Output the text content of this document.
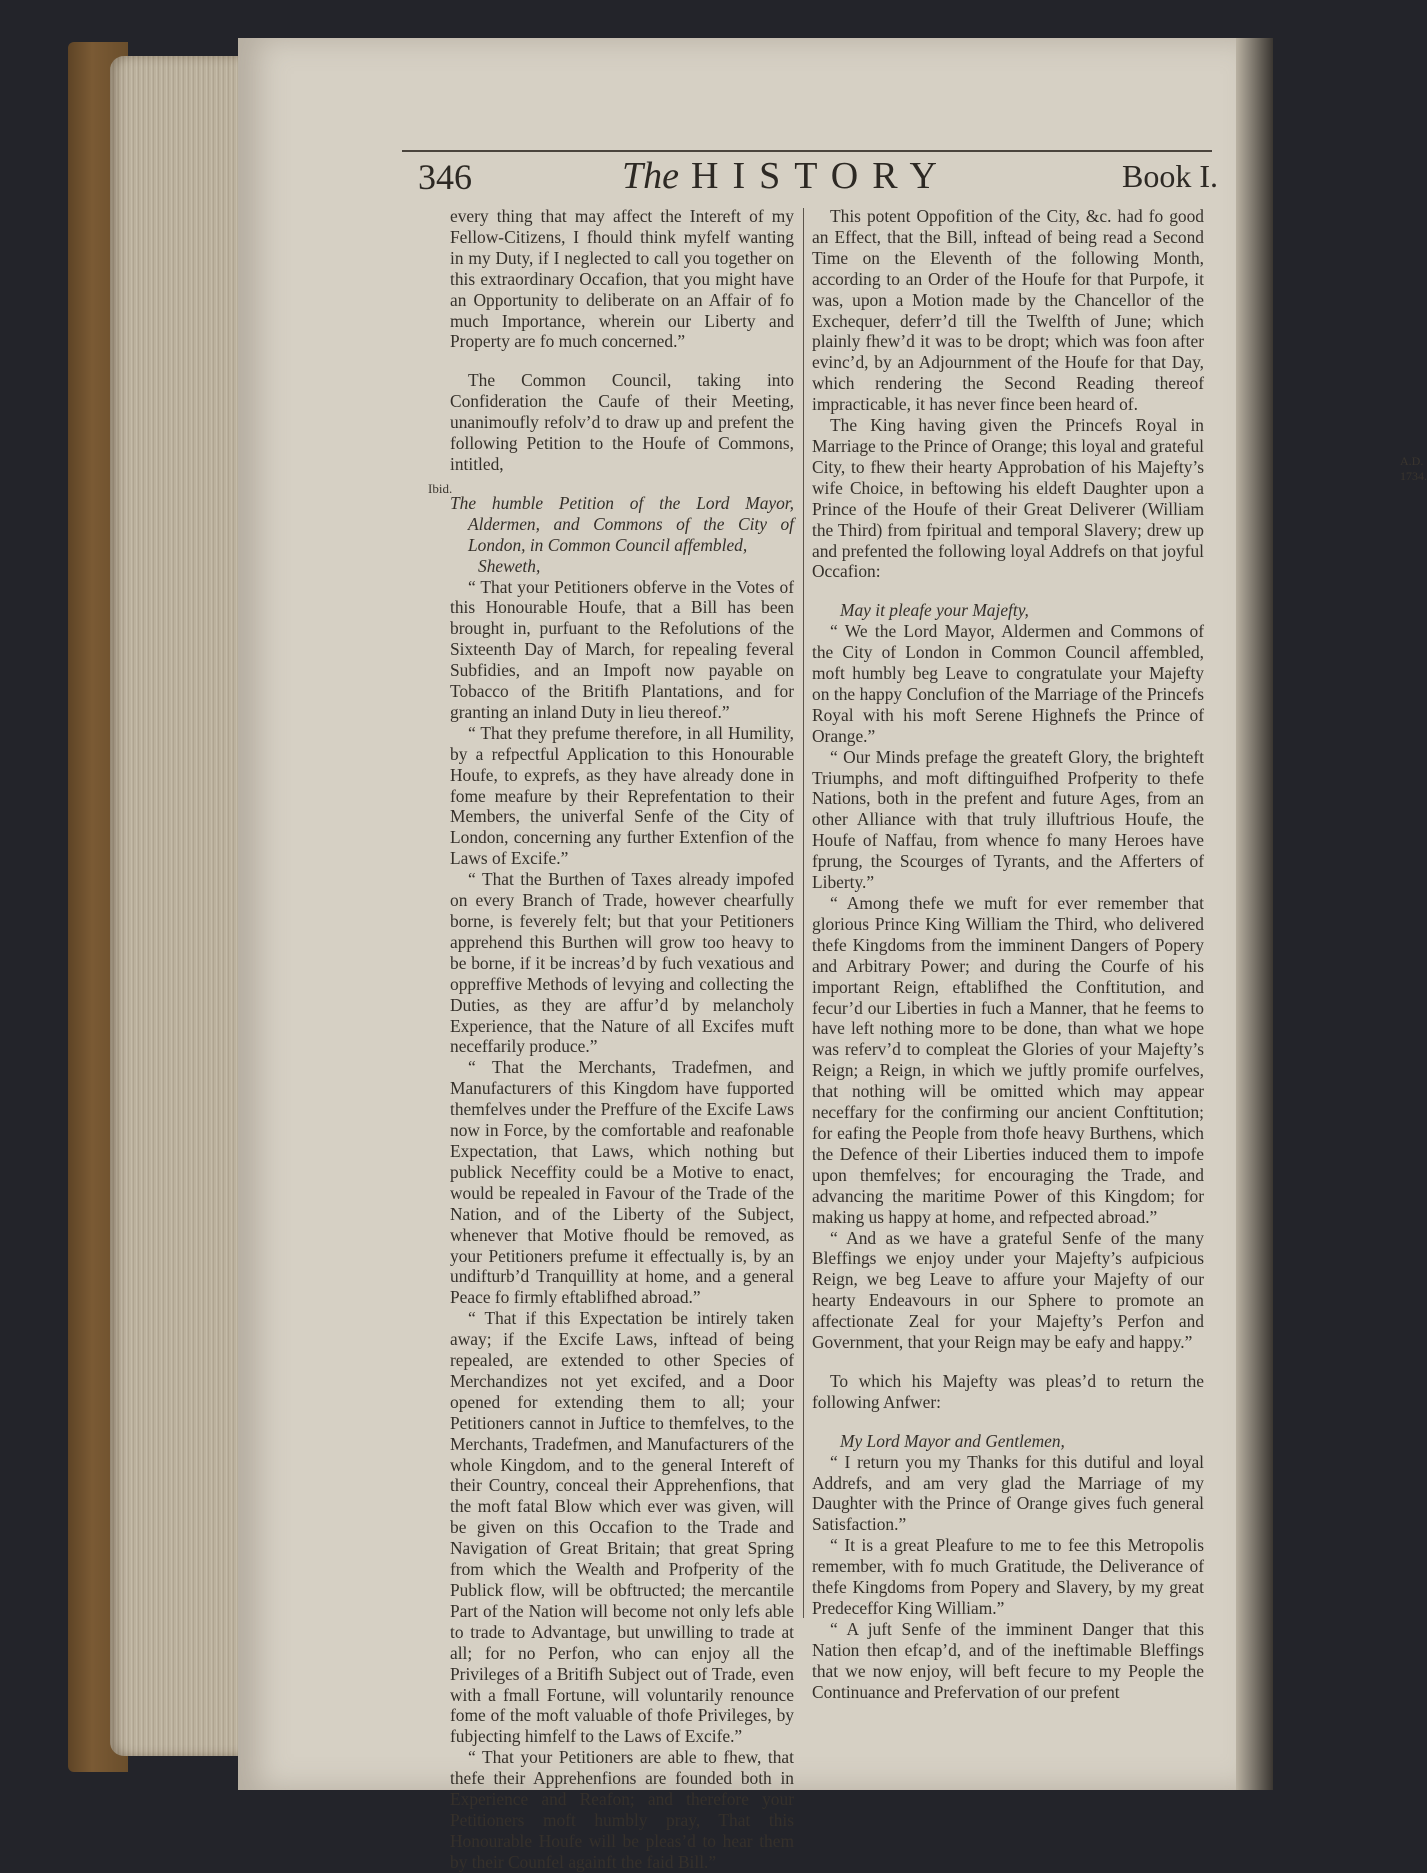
346	The HISTORY	Book I.
Ibid.
A.D. 1734.

every thing that may affect the Intereft of my Fellow-Citizens, I fhould think myfelf wanting in my Duty, if I neglected to call you together on this extraordinary Occafion, that you might have an Opportunity to deliberate on an Affair of fo much Importance, wherein our Liberty and Property are fo much concerned.”

The Common Council, taking into Confideration the Caufe of their Meeting, unanimoufly refolv’d to draw up and prefent the following Petition to the Houfe of Commons, intitled,

The humble Petition of the Lord Mayor, Aldermen, and Commons of the City of London, in Common Council affembled,

Sheweth,

“ That your Petitioners obferve in the Votes of this Honourable Houfe, that a Bill has been brought in, purfuant to the Refolutions of the Sixteenth Day of March, for repealing feveral Subfidies, and an Impoft now payable on Tobacco of the Britifh Plantations, and for granting an inland Duty in lieu thereof.”

“ That they prefume therefore, in all Humility, by a refpectful Application to this Honourable Houfe, to exprefs, as they have already done in fome meafure by their Reprefentation to their Members, the univerfal Senfe of the City of London, concerning any further Extenfion of the Laws of Excife.”

“ That the Burthen of Taxes already impofed on every Branch of Trade, however chearfully borne, is feverely felt; but that your Petitioners apprehend this Burthen will grow too heavy to be borne, if it be increas’d by fuch vexatious and oppreffive Methods of levying and collecting the Duties, as they are affur’d by melancholy Experience, that the Nature of all Excifes muft neceffarily produce.”

“ That the Merchants, Tradefmen, and Manufacturers of this Kingdom have fupported themfelves under the Preffure of the Excife Laws now in Force, by the comfortable and reafonable Expectation, that Laws, which nothing but publick Neceffity could be a Motive to enact, would be repealed in Favour of the Trade of the Nation, and of the Liberty of the Subject, whenever that Motive fhould be removed, as your Petitioners prefume it effectually is, by an undifturb’d Tranquillity at home, and a general Peace fo firmly eftablifhed abroad.”

“ That if this Expectation be intirely taken away; if the Excife Laws, inftead of being repealed, are extended to other Species of Merchandizes not yet excifed, and a Door opened for extending them to all; your Petitioners cannot in Juftice to themfelves, to the Merchants, Tradefmen, and Manufacturers of the whole Kingdom, and to the general Intereft of their Country, conceal their Apprehenfions, that the moft fatal Blow which ever was given, will be given on this Occafion to the Trade and Navigation of Great Britain; that great Spring from which the Wealth and Profperity of the Publick flow, will be obftructed; the mercantile Part of the Nation will become not only lefs able to trade to Advantage, but unwilling to trade at all; for no Perfon, who can enjoy all the Privileges of a Britifh Subject out of Trade, even with a fmall Fortune, will voluntarily renounce fome of the moft valuable of thofe Privileges, by fubjecting himfelf to the Laws of Excife.”

“ That your Petitioners are able to fhew, that thefe their Apprehenfions are founded both in Experience and Reafon; and therefore your Petitioners moft humbly pray, That this Honourable Houfe will be pleas’d to hear them by their Counfel againft the faid Bill.”

This potent Oppofition of the City, &c. had fo good an Effect, that the Bill, inftead of being read a Second Time on the Eleventh of the following Month, according to an Order of the Houfe for that Purpofe, it was, upon a Motion made by the Chancellor of the Exchequer, deferr’d till the Twelfth of June; which plainly fhew’d it was to be dropt; which was foon after evinc’d, by an Adjournment of the Houfe for that Day, which rendering the Second Reading thereof impracticable, it has never fince been heard of.

The King having given the Princefs Royal in Marriage to the Prince of Orange; this loyal and grateful City, to fhew their hearty Approbation of his Majefty’s wife Choice, in beftowing his eldeft Daughter upon a Prince of the Houfe of their Great Deliverer (William the Third) from fpiritual and temporal Slavery; drew up and prefented the following loyal Addrefs on that joyful Occafion:

May it pleafe your Majefty,

“ We the Lord Mayor, Aldermen and Commons of the City of London in Common Council affembled, moft humbly beg Leave to congratulate your Majefty on the happy Conclufion of the Marriage of the Princefs Royal with his moft Serene Highnefs the Prince of Orange.”

“ Our Minds prefage the greateft Glory, the brighteft Triumphs, and moft diftinguifhed Profperity to thefe Nations, both in the prefent and future Ages, from an other Alliance with that truly illuftrious Houfe, the Houfe of Naffau, from whence fo many Heroes have fprung, the Scourges of Tyrants, and the Afferters of Liberty.”

“ Among thefe we muft for ever remember that glorious Prince King William the Third, who delivered thefe Kingdoms from the imminent Dangers of Popery and Arbitrary Power; and during the Courfe of his important Reign, eftablifhed the Conftitution, and fecur’d our Liberties in fuch a Manner, that he feems to have left nothing more to be done, than what we hope was referv’d to compleat the Glories of your Majefty’s Reign; a Reign, in which we juftly promife ourfelves, that nothing will be omitted which may appear neceffary for the confirming our ancient Conftitution; for eafing the People from thofe heavy Burthens, which the Defence of their Liberties induced them to impofe upon themfelves; for encouraging the Trade, and advancing the maritime Power of this Kingdom; for making us happy at home, and refpected abroad.”

“ And as we have a grateful Senfe of the many Bleffings we enjoy under your Majefty’s aufpicious Reign, we beg Leave to affure your Majefty of our hearty Endeavours in our Sphere to promote an affectionate Zeal for your Majefty’s Perfon and Government, that your Reign may be eafy and happy.”

To which his Majefty was pleas’d to return the following Anfwer:

My Lord Mayor and Gentlemen,

“ I return you my Thanks for this dutiful and loyal Addrefs, and am very glad the Marriage of my Daughter with the Prince of Orange gives fuch general Satisfaction.”

“ It is a great Pleafure to me to fee this Metropolis remember, with fo much Gratitude, the Deliverance of thefe Kingdoms from Popery and Slavery, by my great Predeceffor King William.”

“ A juft Senfe of the imminent Danger that this Nation then efcap’d, and of the ineftimable Bleffings that we now enjoy, will beft fecure to my People the Continuance and Prefervation of our prefent
